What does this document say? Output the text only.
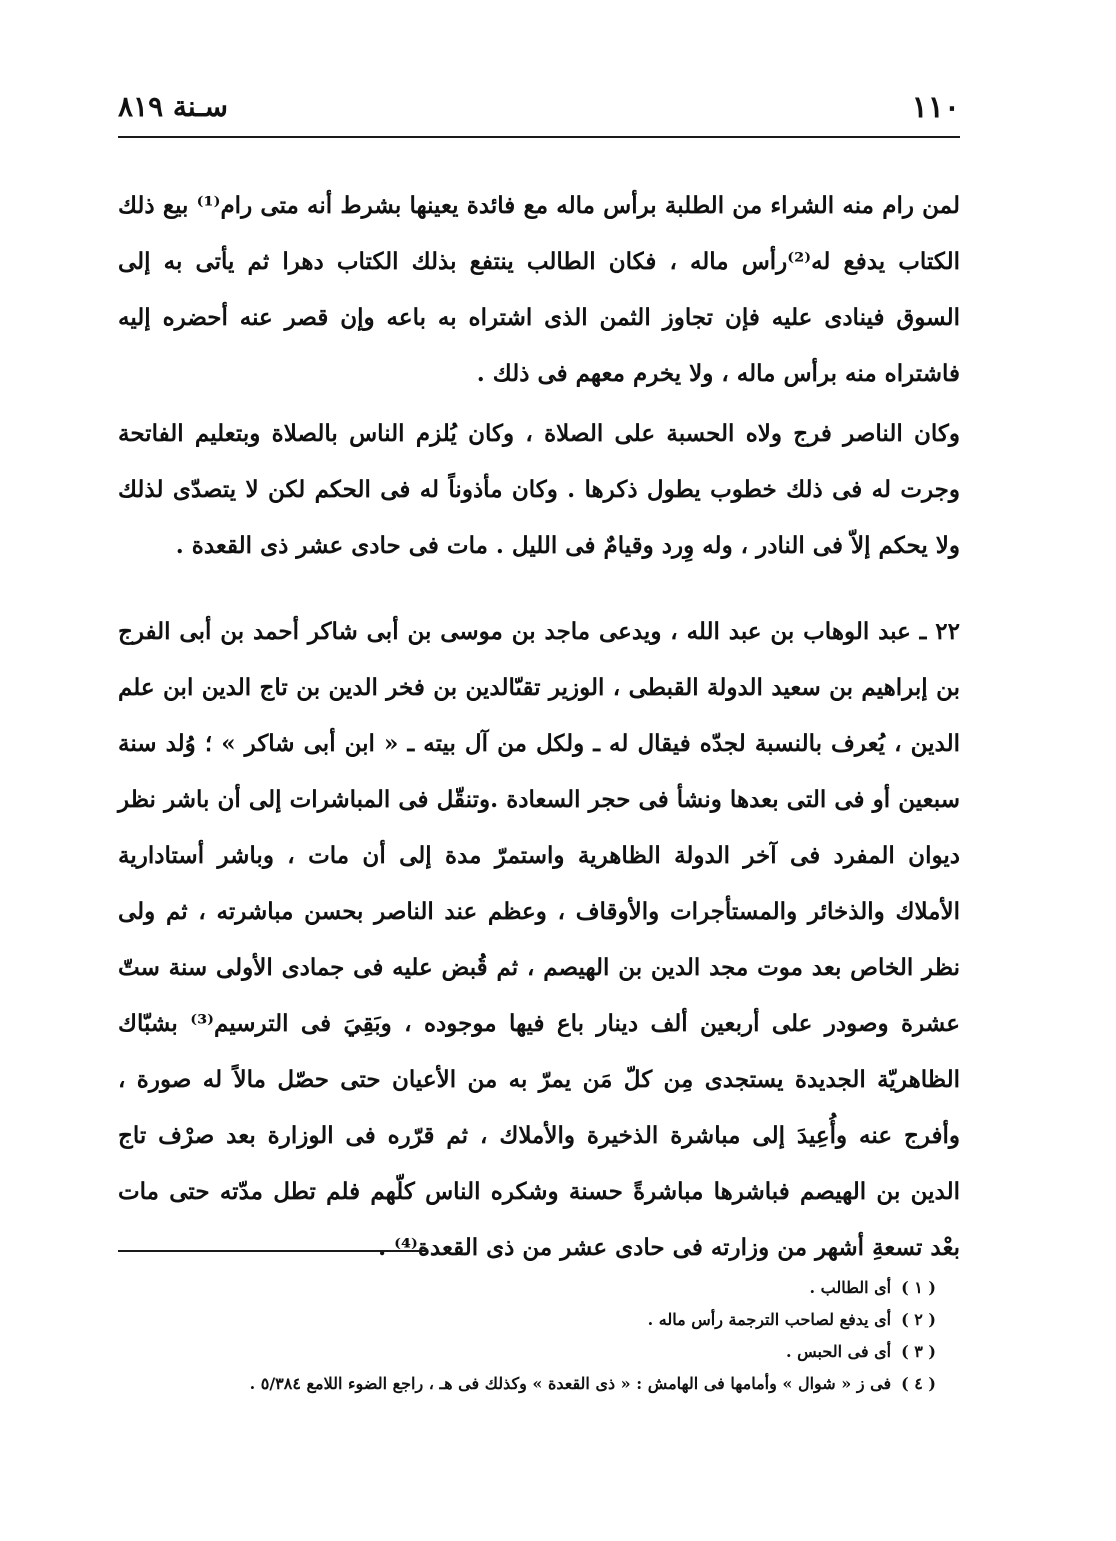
١١٠
سـنة ٨١٩

لمن رام منه الشراء من الطلبة برأس ماله مع فائدة يعينها بشرط أنه متى رام⁽¹⁾ بيع ذلك الكتاب يدفع له⁽²⁾رأس ماله ، فكان الطالب ينتفع بذلك الكتاب دهرا ثم يأتى به إلى السوق فينادى عليه فإن تجاوز الثمن الذى اشتراه به باعه وإن قصر عنه أحضره إليه فاشتراه منه برأس ماله ، ولا يخرم معهم فى ذلك .

وكان الناصر فرج ولاه الحسبة على الصلاة ، وكان يُلزم الناس بالصلاة وبتعليم الفاتحة وجرت له فى ذلك خطوب يطول ذكرها . وكان مأذوناً له فى الحكم لكن لا يتصدّى لذلك ولا يحكم إلاّ فى النادر ، وله وِرد وقيامٌ فى الليل . مات فى حادى عشر ذى القعدة .

٢٢ ـ عبد الوهاب بن عبد الله ، ويدعى ماجد بن موسى بن أبى شاكر أحمد بن أبى الفرج بن إبراهيم بن سعيد الدولة القبطى ، الوزير تقىّالدين بن فخر الدين بن تاج الدين ابن علم الدين ، يُعرف بالنسبة لجدّه فيقال له ـ ولكل من آل بيته ـ « ابن أبى شاكر » ؛ وُلد سنة سبعين أو فى التى بعدها ونشأ فى حجر السعادة .وتنقّل فى المباشرات إلى أن باشر نظر ديوان المفرد فى آخر الدولة الظاهرية واستمرّ مدة إلى أن مات ، وباشر أستادارية الأملاك والذخائر والمستأجرات والأوقاف ، وعظم عند الناصر بحسن مباشرته ، ثم ولى نظر الخاص بعد موت مجد الدين بن الهيصم ، ثم قُبض عليه فى جمادى الأولى سنة ستّ عشرة وصودر على أربعين ألف دينار باع فيها موجوده ، وبَقِيَ فى الترسيم⁽³⁾ بشبّاك الظاهريّة الجديدة يستجدى مِن كلّ مَن يمرّ به من الأعيان حتى حصّل مالاً له صورة ، وأفرج عنه وأُعِيدَ إلى مباشرة الذخيرة والأملاك ، ثم قرّره فى الوزارة بعد صرْف تاج الدين بن الهيصم فباشرها مباشرةً حسنة وشكره الناس كلّهم فلم تطل مدّته حتى مات بعْد تسعةِ أشهر من وزارته فى حادى عشر من ذى القعدة⁽⁴⁾ .

( ١ )أى الطالب .
( ٢ )أى يدفع لصاحب الترجمة رأس ماله .
( ٣ )أى فى الحبس .
( ٤ )فى ز « شوال » وأمامها فى الهامش : « ذى القعدة » وكذلك فى هـ ، راجع الضوء اللامع ٥/٣٨٤ .
